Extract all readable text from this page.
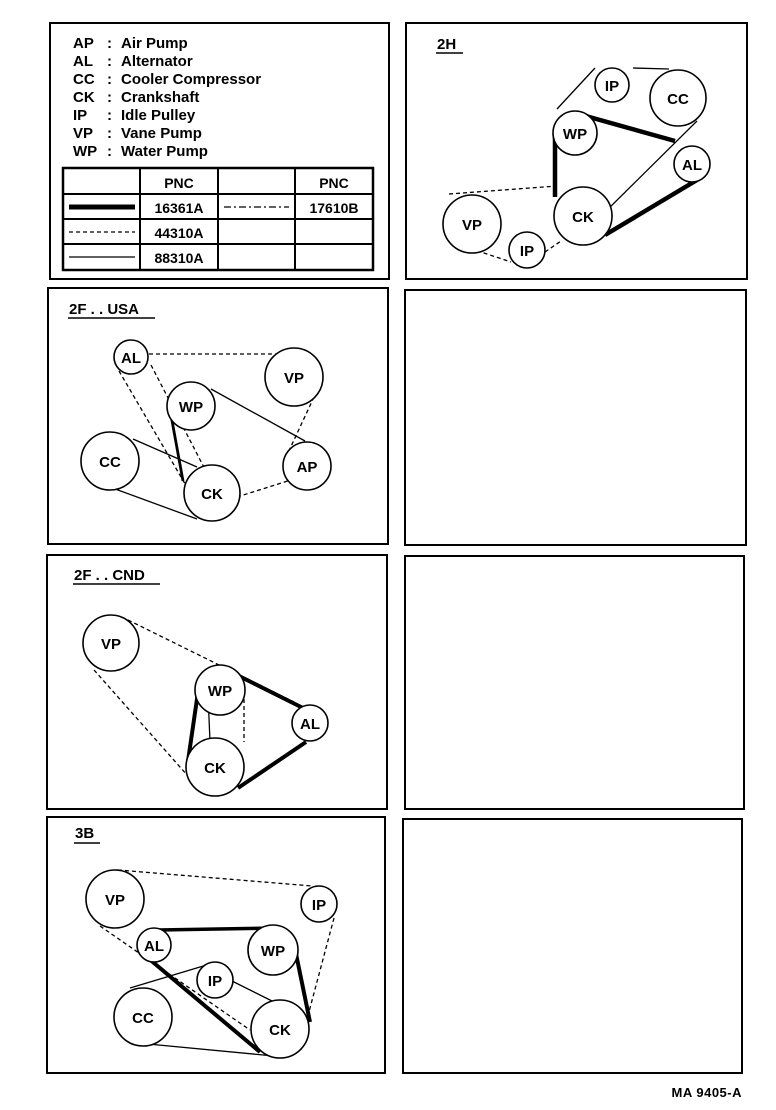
AP : Air Pump
AL : Alternator
CC : Cooler Compressor
CK : Crankshaft
IP : Idle Pulley
VP : Vane Pump
WP : Water Pump
PNC	PNC
16361A	17610B
44310A
88310A
2H
IP
CC
WP
AL
VP	CK
IP
2F . . USA
AL
VP
WP
CC	AP
CK
2F . . CND
VP
WP
AL
CK
3B
VP	IP
AL	WP
IP
CC
CK
MA 9405-A
